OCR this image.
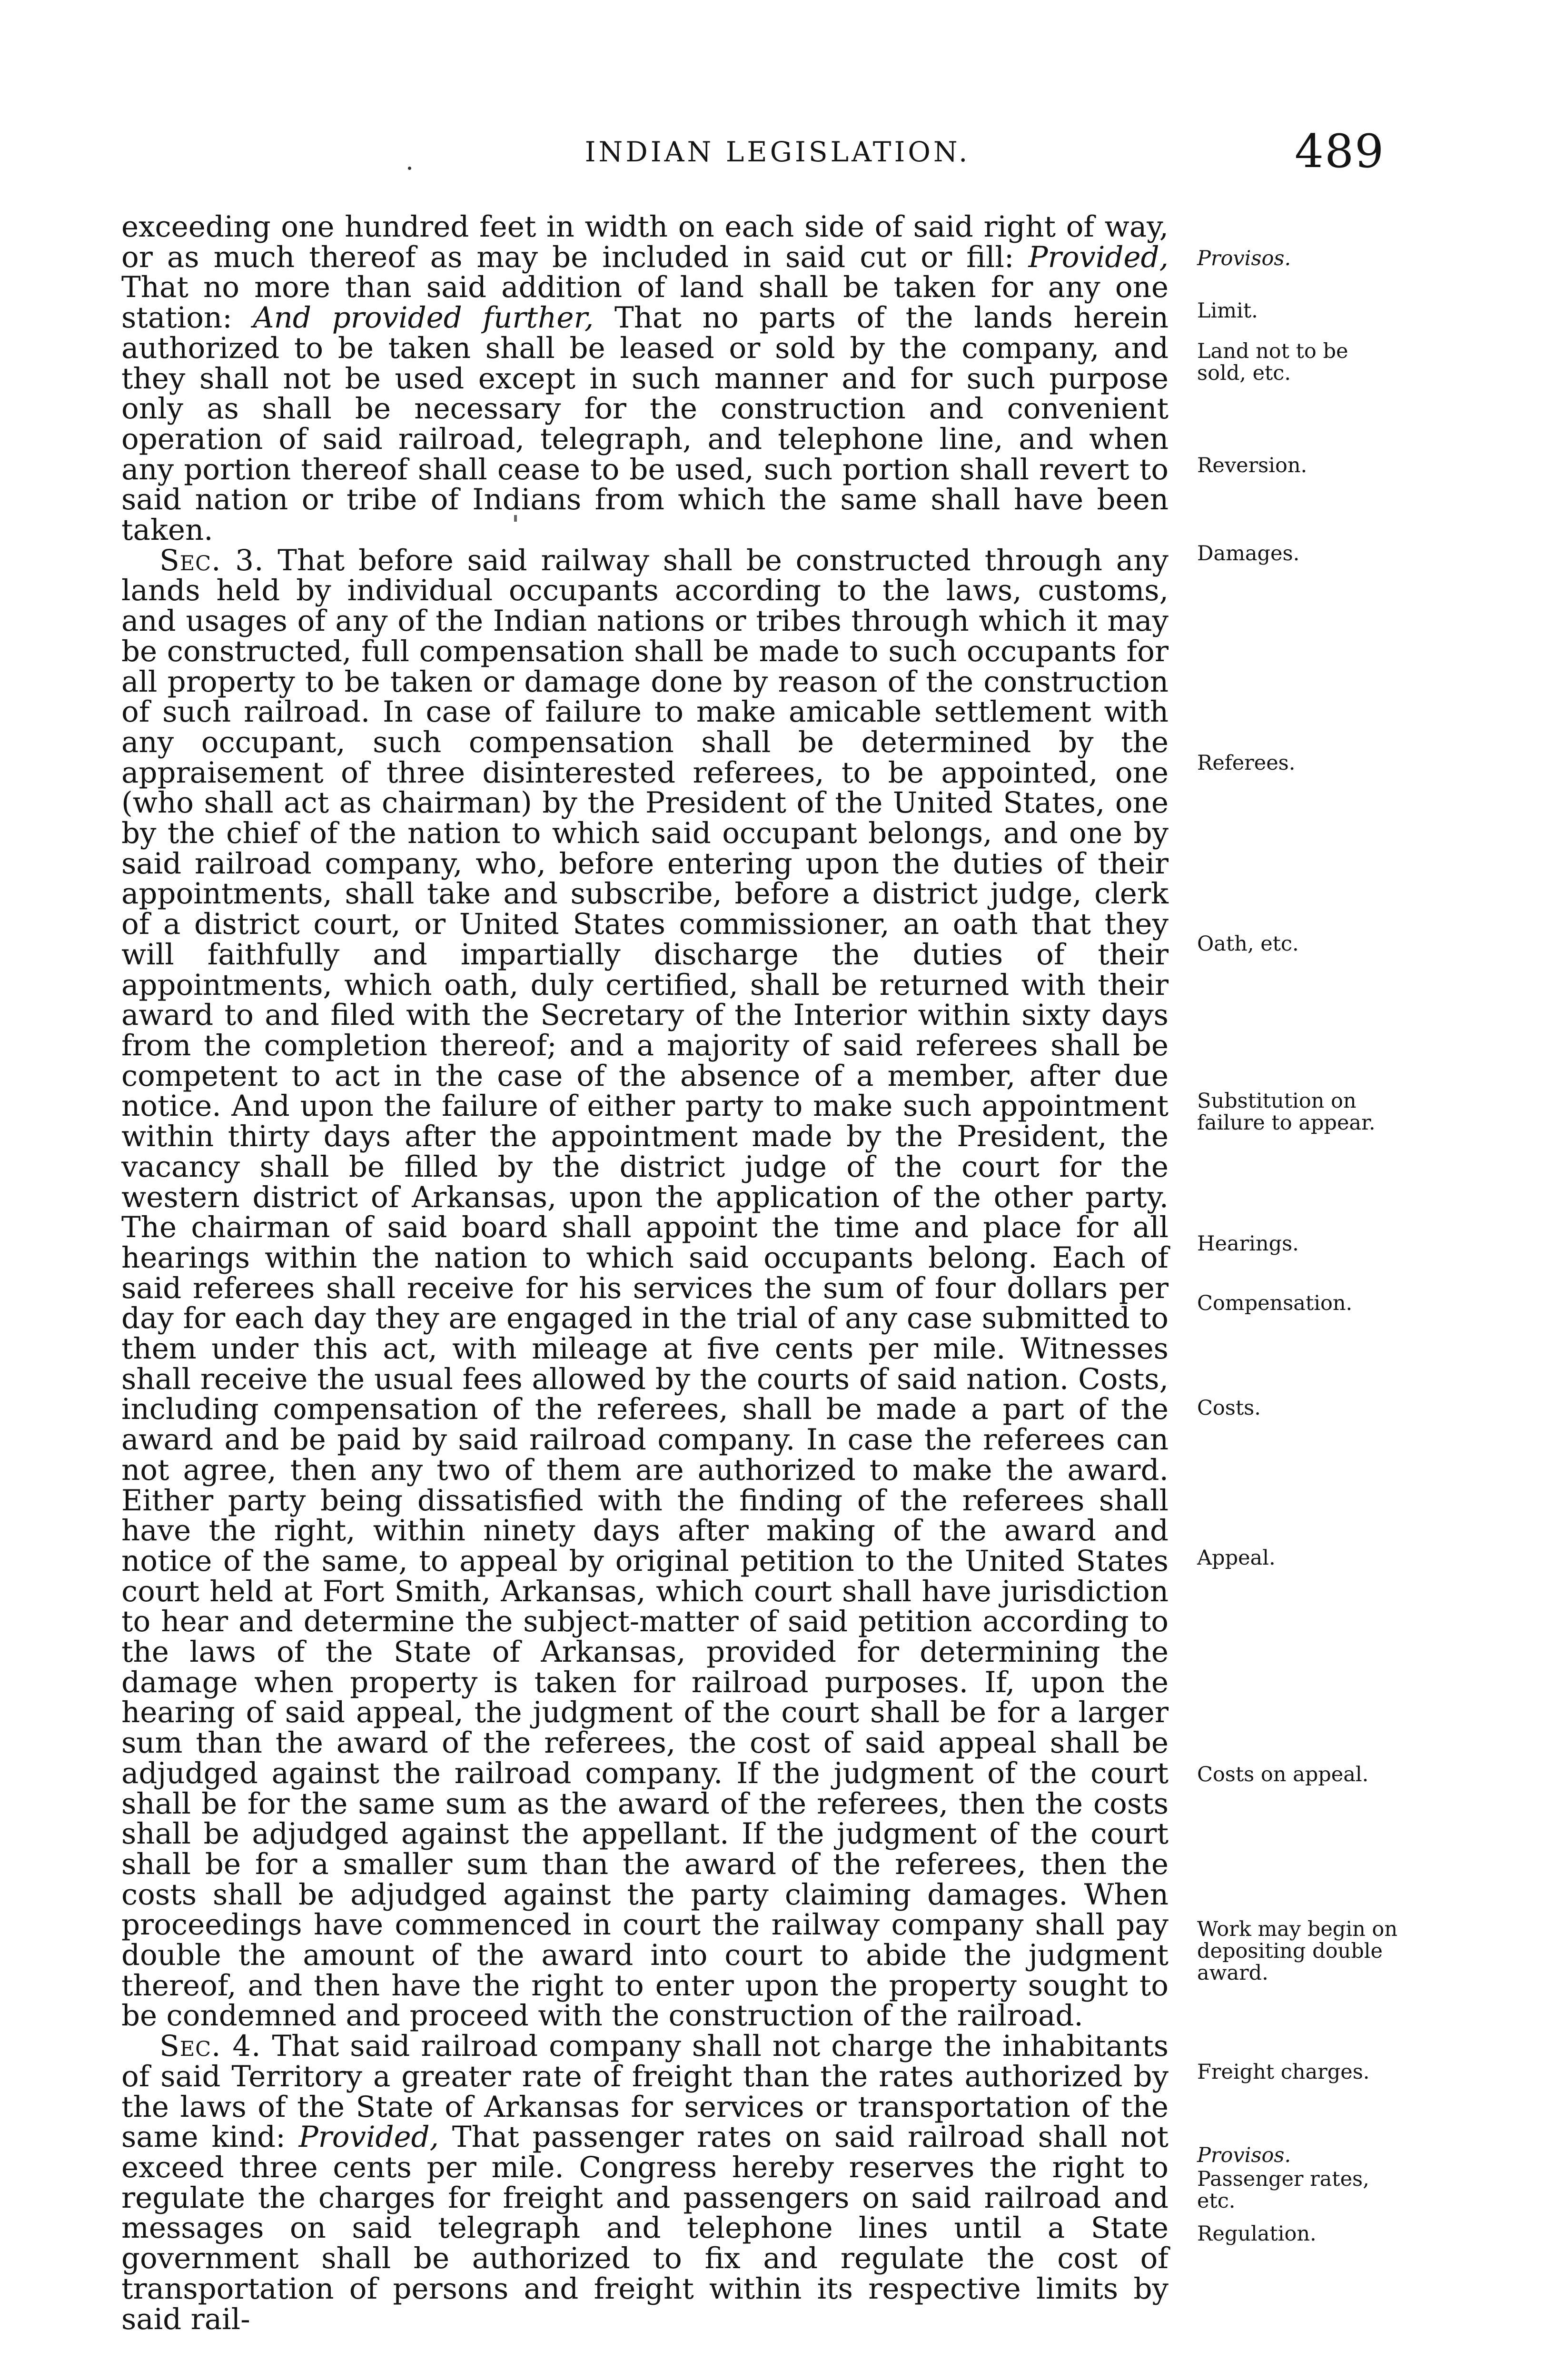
INDIAN LEGISLATION.	489

exceeding one hundred feet in width on each side of said right of way, or as much thereof as may be included in said cut or fill: Provided, That no more than said addition of land shall be taken for any one station: And provided further, That no parts of the lands herein authorized to be taken shall be leased or sold by the company, and they shall not be used except in such manner and for such purpose only as shall be necessary for the construction and convenient operation of said railroad, telegraph, and telephone line, and when any portion thereof shall cease to be used, such portion shall revert to said nation or tribe of Indians from which the same shall have been taken.

Sec. 3. That before said railway shall be constructed through any lands held by individual occupants according to the laws, customs, and usages of any of the Indian nations or tribes through which it may be constructed, full compensation shall be made to such occupants for all property to be taken or damage done by reason of the construction of such railroad. In case of failure to make amicable settlement with any occupant, such compensation shall be determined by the appraisement of three disinterested referees, to be appointed, one (who shall act as chairman) by the President of the United States, one by the chief of the nation to which said occupant belongs, and one by said railroad company, who, before entering upon the duties of their appointments, shall take and subscribe, before a district judge, clerk of a district court, or United States commissioner, an oath that they will faithfully and impartially discharge the duties of their appointments, which oath, duly certified, shall be returned with their award to and filed with the Secretary of the Interior within sixty days from the completion thereof; and a majority of said referees shall be competent to act in the case of the absence of a member, after due notice. And upon the failure of either party to make such appointment within thirty days after the appointment made by the President, the vacancy shall be filled by the district judge of the court for the western district of Arkansas, upon the application of the other party. The chairman of said board shall appoint the time and place for all hearings within the nation to which said occupants belong. Each of said referees shall receive for his services the sum of four dollars per day for each day they are engaged in the trial of any case submitted to them under this act, with mileage at five cents per mile. Witnesses shall receive the usual fees allowed by the courts of said nation. Costs, including compensation of the referees, shall be made a part of the award and be paid by said railroad company. In case the referees can not agree, then any two of them are authorized to make the award. Either party being dissatisfied with the finding of the referees shall have the right, within ninety days after making of the award and notice of the same, to appeal by original petition to the United States court held at Fort Smith, Arkansas, which court shall have jurisdiction to hear and determine the subject-matter of said petition according to the laws of the State of Arkansas, provided for determining the damage when property is taken for railroad purposes. If, upon the hearing of said appeal, the judgment of the court shall be for a larger sum than the award of the referees, the cost of said appeal shall be adjudged against the railroad company. If the judgment of the court shall be for the same sum as the award of the referees, then the costs shall be adjudged against the appellant. If the judgment of the court shall be for a smaller sum than the award of the referees, then the costs shall be adjudged against the party claiming damages. When proceedings have commenced in court the railway company shall pay double the amount of the award into court to abide the judgment thereof, and then have the right to enter upon the property sought to be condemned and proceed with the construction of the railroad.

Sec. 4. That said railroad company shall not charge the inhabitants of said Territory a greater rate of freight than the rates authorized by the laws of the State of Arkansas for services or transportation of the same kind: Provided, That passenger rates on said railroad shall not exceed three cents per mile. Congress hereby reserves the right to regulate the charges for freight and passengers on said railroad and messages on said telegraph and telephone lines until a State government shall be authorized to fix and regulate the cost of transportation of persons and freight within its respective limits by said rail-

Provisos.
Limit.
Land not to be sold, etc.
Reversion.
Damages.
Referees.
Oath, etc.
Substitution on failure to appear.
Hearings.
Compensation.
Costs.
Appeal.
Costs on appeal.
Work may begin on depositing double award.
Freight charges.
Provisos.
Passenger rates, etc.
Regulation.
